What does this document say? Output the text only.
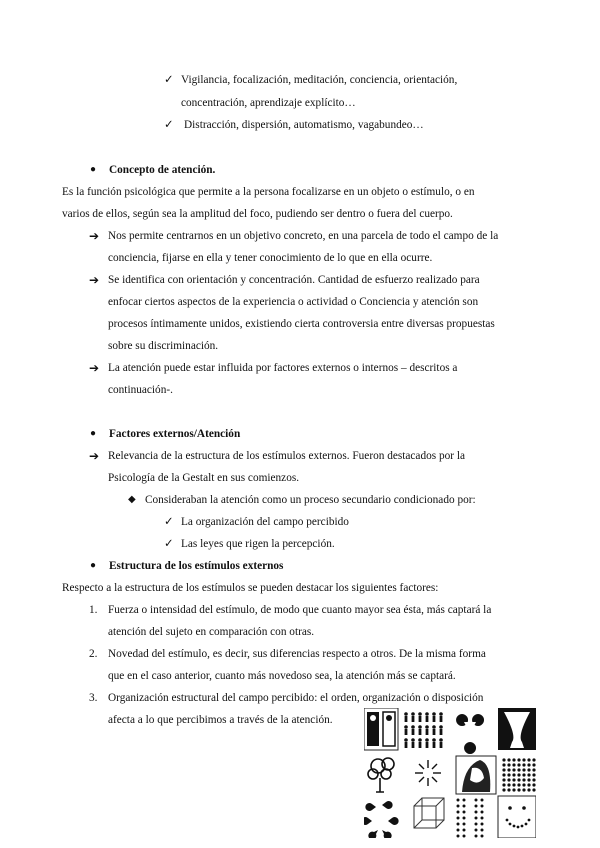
✓ Vigilancia, focalización, meditación, conciencia, orientación,
concentración, aprendizaje explícito…
✓ Distracción, dispersión, automatismo, vagabundeo…
● Concepto de atención.
Es la función psicológica que permite a la persona focalizarse en un objeto o estímulo, o en
varios de ellos, según sea la amplitud del foco, pudiendo ser dentro o fuera del cuerpo.
➔ Nos permite centrarnos en un objetivo concreto, en una parcela de todo el campo de la
conciencia, fijarse en ella y tener conocimiento de lo que en ella ocurre.
➔ Se identifica con orientación y concentración. Cantidad de esfuerzo realizado para
enfocar ciertos aspectos de la experiencia o actividad o Conciencia y atención son
procesos íntimamente unidos, existiendo cierta controversia entre diversas propuestas
sobre su discriminación.
➔ La atención puede estar influida por factores externos o internos – descritos a
continuación-.
● Factores externos/Atención
➔ Relevancia de la estructura de los estímulos externos. Fueron destacados por la
Psicología de la Gestalt en sus comienzos.
◆ Consideraban la atención como un proceso secundario condicionado por:
✓ La organización del campo percibido
✓ Las leyes que rigen la percepción.
● Estructura de los estímulos externos
Respecto a la estructura de los estímulos se pueden destacar los siguientes factores:
1. Fuerza o intensidad del estímulo, de modo que cuanto mayor sea ésta, más captará la
atención del sujeto en comparación con otras.
2. Novedad del estímulo, es decir, sus diferencias respecto a otros. De la misma forma
que en el caso anterior, cuanto más novedoso sea, la atención más se captará.
3. Organización estructural del campo percibido: el orden, organización o disposición
afecta a lo que percibimos a través de la atención.
